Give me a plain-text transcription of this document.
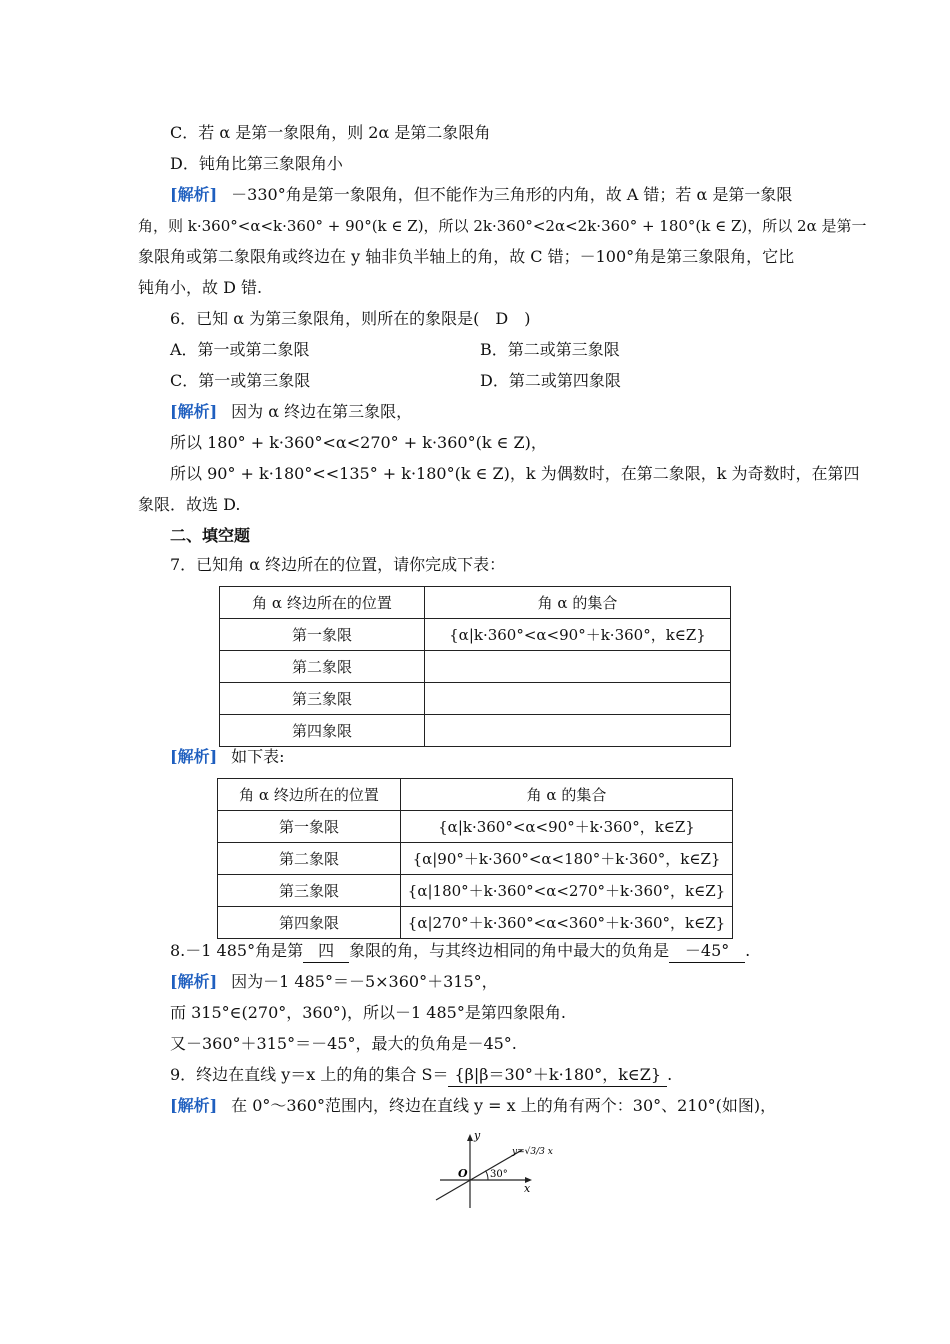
C．若 α 是第一象限角，则 2α 是第二象限角
D．钝角比第三象限角小
[解析] －330°角是第一象限角，但不能作为三角形的内角，故 A 错；若 α 是第一象限
角，则 k·360°<α<k·360° + 90°(k ∈ Z)，所以 2k·360°<2α<2k·360° + 180°(k ∈ Z)，所以 2α 是第一
象限角或第二象限角或终边在 y 轴非负半轴上的角，故 C 错；－100°角是第三象限角，它比
钝角小，故 D 错.
6．已知 α 为第三象限角，则所在的象限是(　D　)
A．第一或第二象限	B．第二或第三象限
C．第一或第三象限	D．第二或第四象限
[解析] 因为 α 终边在第三象限，
所以 180° + k·360°<α<270° + k·360°(k ∈ Z)，
所以 90° + k·180°<<135° + k·180°(k ∈ Z)，k 为偶数时，在第二象限，k 为奇数时，在第四
象限．故选 D.
二、填空题
7．已知角 α 终边所在的位置，请你完成下表：
角 α 终边所在的位置	角 α 的集合
第一象限	{α|k·360°<α<90°＋k·360°，k∈Z}
第二象限	
第三象限	
第四象限	
[解析] 如下表:
角 α 终边所在的位置	角 α 的集合
第一象限	{α|k·360°<α<90°＋k·360°，k∈Z}
第二象限	{α|90°＋k·360°<α<180°＋k·360°，k∈Z}
第三象限	{α|180°＋k·360°<α<270°＋k·360°，k∈Z}
第四象限	{α|270°＋k·360°<α<360°＋k·360°，k∈Z}
8.－1 485°角是第 四 象限的角，与其终边相同的角中最大的负角是 －45° .
[解析] 因为－1 485°＝－5×360°＋315°，
而 315°∈(270°，360°)，所以－1 485°是第四象限角.
又－360°＋315°＝－45°，最大的负角是－45°.
9．终边在直线 y＝x 上的角的集合 S＝ {β|β＝30°＋k·180°，k∈Z} .
[解析] 在 0°～360°范围内，终边在直线 y = x 上的角有两个：30°、210°(如图)，
y
x
O 30°
y=√3/3 x
